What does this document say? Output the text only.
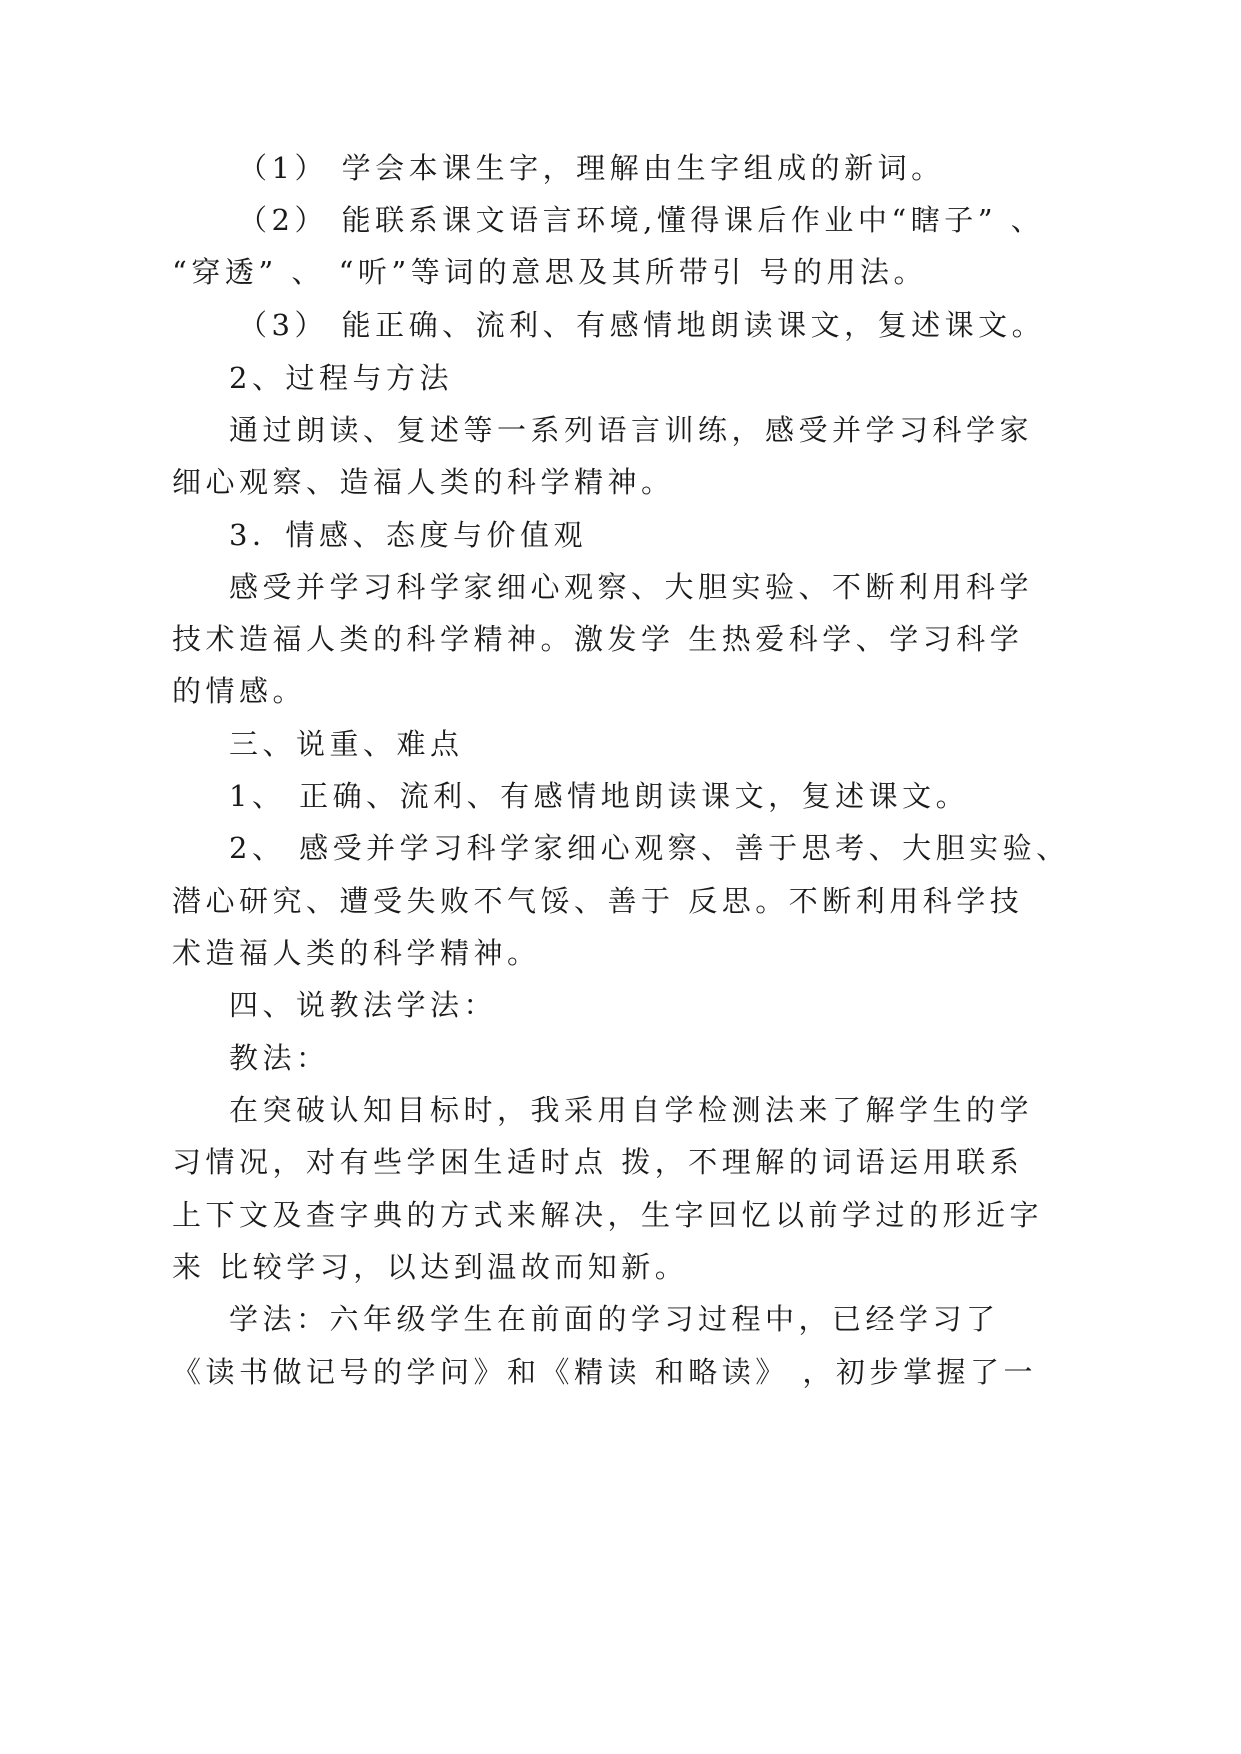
（1） 学会本课生字，理解由生字组成的新词。
（2） 能联系课文语言环境,懂得课后作业中“瞎子” 、
“穿透” 、 “听”等词的意思及其所带引 号的用法。
（3） 能正确、流利、有感情地朗读课文，复述课文。
2、过程与方法
通过朗读、复述等一系列语言训练，感受并学习科学家
细心观察、造福人类的科学精神。
3．情感、态度与价值观
感受并学习科学家细心观察、大胆实验、不断利用科学
技术造福人类的科学精神。激发学 生热爱科学、学习科学
的情感。
三、说重、难点
1、 正确、流利、有感情地朗读课文，复述课文。
2、 感受并学习科学家细心观察、善于思考、大胆实验、
潜心研究、遭受失败不气馁、善于 反思。不断利用科学技
术造福人类的科学精神。
四、说教法学法：
教法：
在突破认知目标时，我采用自学检测法来了解学生的学
习情况，对有些学困生适时点 拨，不理解的词语运用联系
上下文及查字典的方式来解决，生字回忆以前学过的形近字
来 比较学习，以达到温故而知新。
学法：六年级学生在前面的学习过程中，已经学习了
《读书做记号的学问》和《精读 和略读》 ，初步掌握了一
